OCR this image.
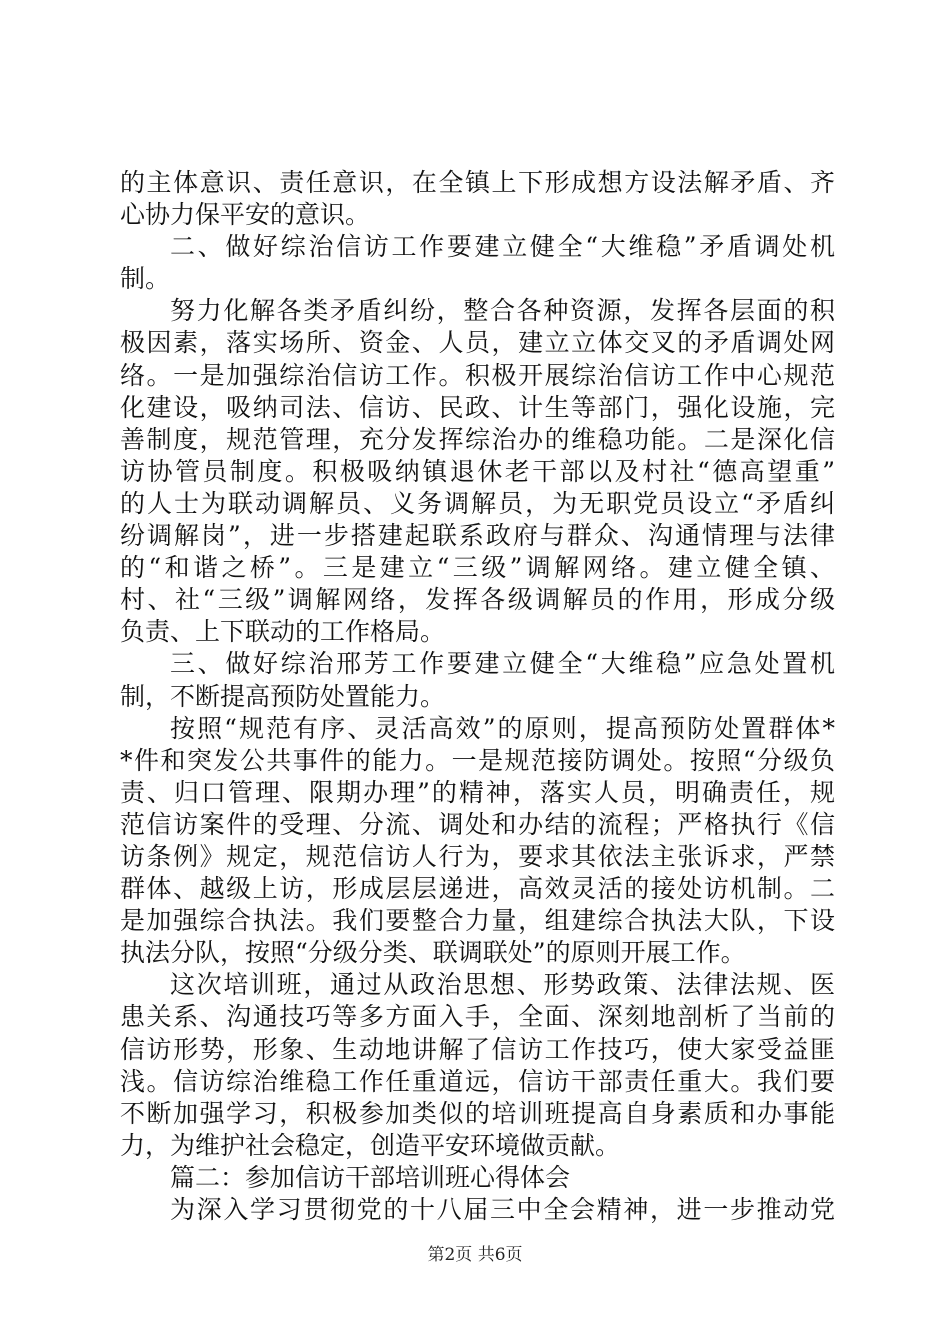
的主体意识、责任意识，在全镇上下形成想方设法解矛盾、齐
心协力保平安的意识。
二、做好综治信访工作要建立健全“大维稳”矛盾调处机
制。
努力化解各类矛盾纠纷，整合各种资源，发挥各层面的积
极因素，落实场所、资金、人员，建立立体交叉的矛盾调处网
络。一是加强综治信访工作。积极开展综治信访工作中心规范
化建设，吸纳司法、信访、民政、计生等部门，强化设施，完
善制度，规范管理，充分发挥综治办的维稳功能。二是深化信
访协管员制度。积极吸纳镇退休老干部以及村社“德高望重”
的人士为联动调解员、义务调解员，为无职党员设立“矛盾纠
纷调解岗”，进一步搭建起联系政府与群众、沟通情理与法律
的“和谐之桥”。三是建立“三级”调解网络。建立健全镇、
村、社“三级”调解网络，发挥各级调解员的作用，形成分级
负责、上下联动的工作格局。
三、做好综治邢芳工作要建立健全“大维稳”应急处置机
制，不断提高预防处置能力。
按照“规范有序、灵活高效”的原则，提高预防处置群体*
*件和突发公共事件的能力。一是规范接防调处。按照“分级负
责、归口管理、限期办理”的精神，落实人员，明确责任，规
范信访案件的受理、分流、调处和办结的流程；严格执行《信
访条例》规定，规范信访人行为，要求其依法主张诉求，严禁
群体、越级上访，形成层层递进，高效灵活的接处访机制。二
是加强综合执法。我们要整合力量，组建综合执法大队，下设
执法分队，按照“分级分类、联调联处”的原则开展工作。
这次培训班，通过从政治思想、形势政策、法律法规、医
患关系、沟通技巧等多方面入手，全面、深刻地剖析了当前的
信访形势，形象、生动地讲解了信访工作技巧，使大家受益匪
浅。信访综治维稳工作任重道远，信访干部责任重大。我们要
不断加强学习，积极参加类似的培训班提高自身素质和办事能
力，为维护社会稳定，创造平安环境做贡献。
篇二：参加信访干部培训班心得体会
为深入学习贯彻党的十八届三中全会精神，进一步推动党
第2页 共6页
